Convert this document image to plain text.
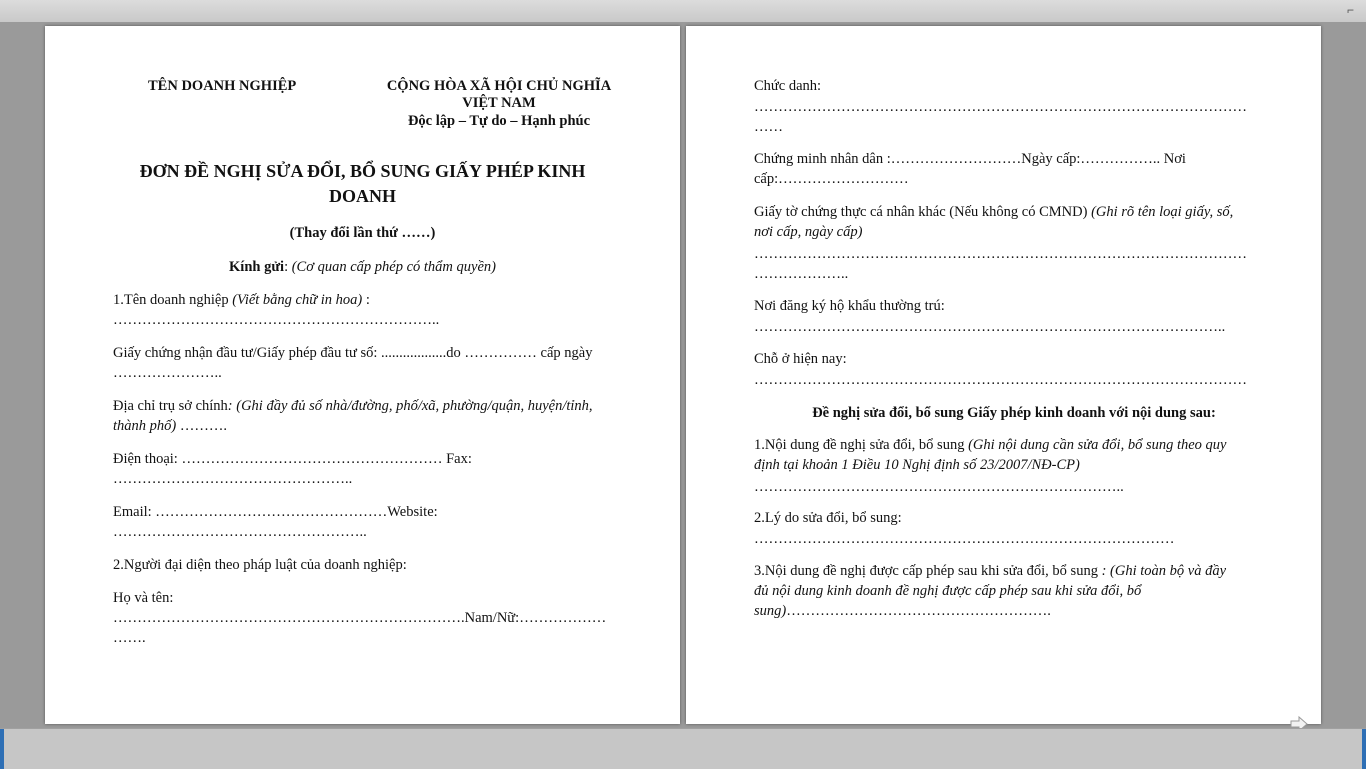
⌐
TÊN DOANH NGHIỆP	CỘNG HÒA XÃ HỘI CHỦ NGHĨA
VIỆT NAM
Độc lập – Tự do – Hạnh phúc
ĐƠN ĐỀ NGHỊ SỬA ĐỔI, BỔ SUNG GIẤY PHÉP KINH
DOANH
(Thay đổi lần thứ ……)
Kính gửi: (Cơ quan cấp phép có thẩm quyền)
1.Tên doanh nghiệp (Viết bằng chữ in hoa) :
…………………………………………………………..
Giấy chứng nhận đầu tư/Giấy phép đầu tư số: ..................do …………… cấp ngày
…………………..
Địa chỉ trụ sở chính: (Ghi đầy đủ số nhà/đường, phố/xã, phường/quận, huyện/tỉnh,
thành phố) ……….
Điện thoại: ……………………………………………… Fax:
…………………………………………..
Email: …………………………………………Website:
……………………………………………..
2.Người đại diện theo pháp luật của doanh nghiệp:
Họ và tên:
……………………………………………………………….Nam/Nữ:………………
…….
Chức danh:
…………………………………………………………………………………………
……
Chứng minh nhân dân :………………………Ngày cấp:…………….. Nơi
cấp:………………………
Giấy tờ chứng thực cá nhân khác (Nếu không có CMND) (Ghi rõ tên loại giấy, số,
nơi cấp, ngày cấp)
…………………………………………………………………………………………
………………..
Nơi đăng ký hộ khẩu thường trú:
……………………………………………………………………………………..
Chỗ ở hiện nay:
…………………………………………………………………………………………
Đề nghị sửa đổi, bổ sung Giấy phép kinh doanh với nội dung sau:
1.Nội dung đề nghị sửa đổi, bổ sung (Ghi nội dung cần sửa đổi, bổ sung theo quy
định tại khoản 1 Điều 10 Nghị định số 23/2007/NĐ-CP)
…………………………………………………………………..
2.Lý do sửa đổi, bổ sung:
……………………………………………………………………………
3.Nội dung đề nghị được cấp phép sau khi sửa đổi, bổ sung : (Ghi toàn bộ và đầy
đủ nội dung kinh doanh đề nghị được cấp phép sau khi sửa đổi, bổ
sung)……………………………………………….
